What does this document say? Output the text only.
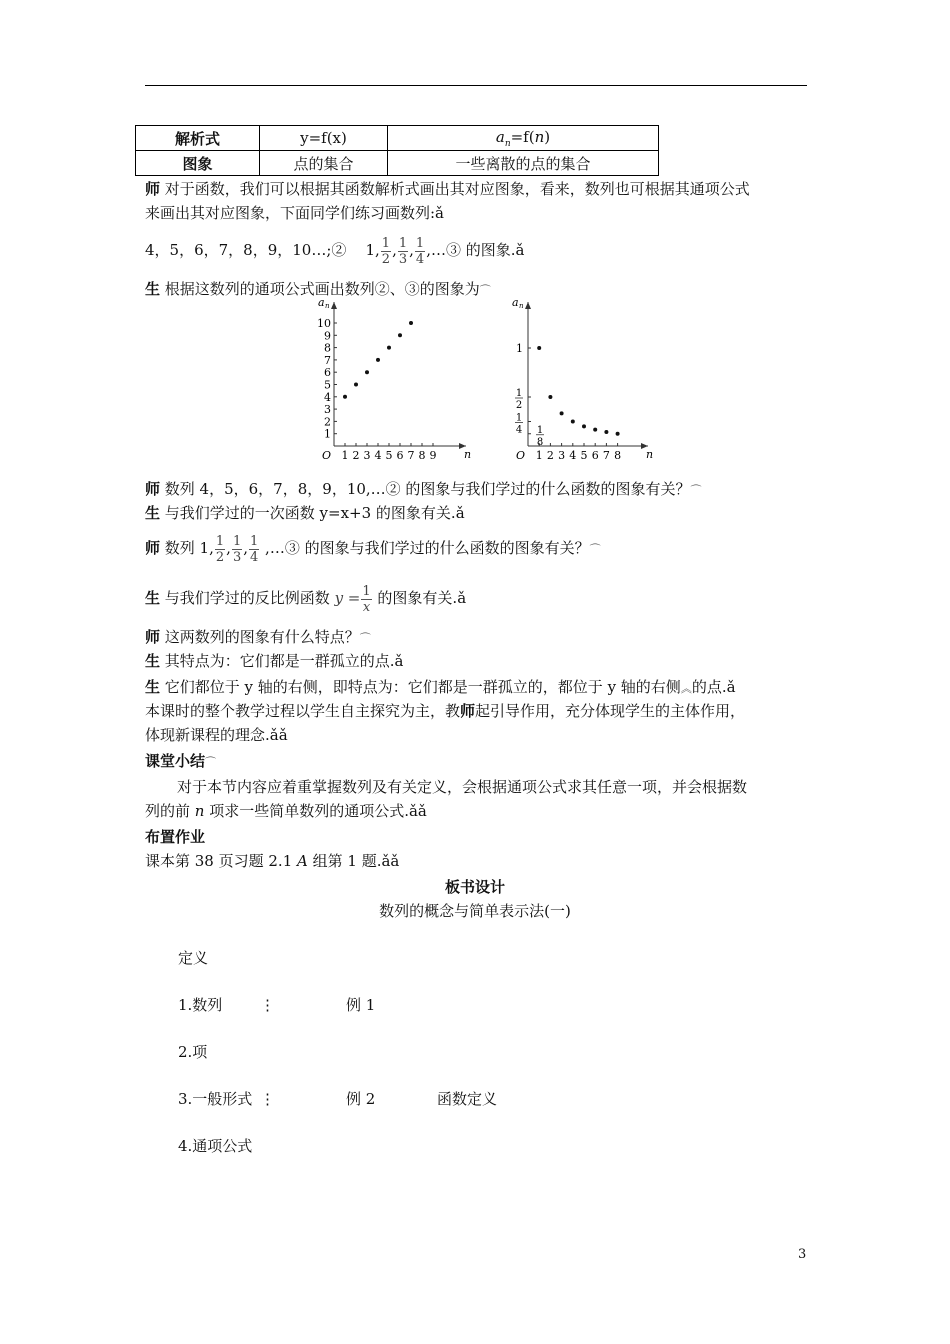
解析式	y=f(x)	$a_n=f(n)$
图象	点的集合	一些离散的点的集合
师 对于函数，我们可以根据其函数解析式画出其对应图象，看来，数列也可根据其通项公式
来画出其对应图象，下面同学们练习画数列:ǎ
4，5，6，7，8，9，10…;② 1, $\frac{1}{2}$ , $\frac{1}{3}$ , $\frac{1}{4}$ ,…③ 的图象.ǎ
生 根据这数列的通项公式画出数列②、③的图象为⌒
O	n
a n
1
2
3
4
5
6
7
8
9
10
1 2 3 4 5 6 7 8 9	O	n
a n
1 2 3 4 5 6 7 8
1
1
2
1
4 1
8
师 数列 4，5，6，7，8，9，10,…② 的图象与我们学过的什么函数的图象有关？⌒
生 与我们学过的一次函数 y=x+3 的图象有关.ǎ
师 数列 1, $\frac{1}{2}$ , $\frac{1}{3}$ , $\frac{1}{4}$ ,…③ 的图象与我们学过的什么函数的图象有关？⌒
生 与我们学过的反比例函数 $y = \frac{1}{x}$ 的图象有关.ǎ
师 这两数列的图象有什么特点？⌒
生 其特点为：它们都是一群孤立的点.ǎ
生 它们都位于 y 轴的右侧，即特点为：它们都是一群孤立的，都位于 y 轴的右侧︽的点.ǎ
本课时的整个教学过程以学生自主探究为主，教师起引导作用，充分体现学生的主体作用，
体现新课程的理念.ǎǎ
课堂小结⌒
对于本节内容应着重掌握数列及有关定义，会根据通项公式求其任意一项，并会根据数
列的前 n 项求一些简单数列的通项公式.ǎǎ
布置作业
课本第 38 页习题 2.1 A 组第 1 题.ǎǎ
板书设计
数列的概念与简单表示法(一)
定义
1.数列	⋮	例 1
2.项
3.一般形式 ⋮	例 2	函数定义
4.通项公式
3
